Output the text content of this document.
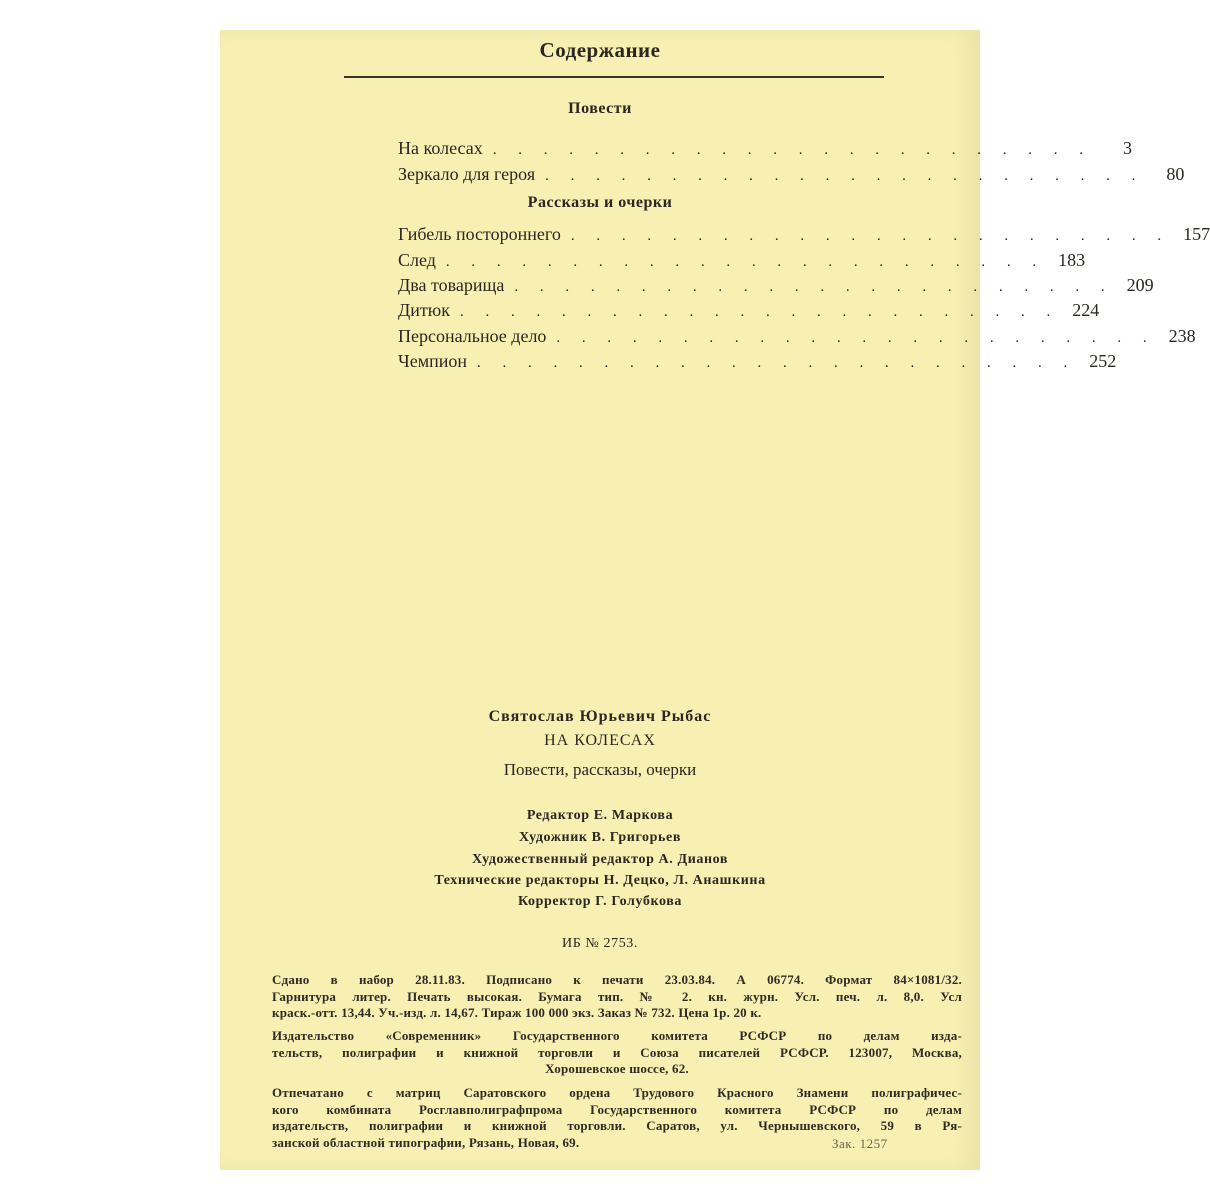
Содержание
Повести
На колесах . . . . . . . . . . . . . . . . . . . . . . . .	3
Зеркало для героя . . . . . . . . . . . . . . . . . . . . . . . .	80
Рассказы и очерки
Гибель постороннего . . . . . . . . . . . . . . . . . . . . . . . . 157
След . . . . . . . . . . . . . . . . . . . . . . . . 183
Два товарища . . . . . . . . . . . . . . . . . . . . . . . . 209
Дитюк . . . . . . . . . . . . . . . . . . . . . . . . 224
Персональное дело . . . . . . . . . . . . . . . . . . . . . . . . 238
Чемпион . . . . . . . . . . . . . . . . . . . . . . . . 252
Святослав Юрьевич Рыбас
НА КОЛЕСАХ
Повести, рассказы, очерки
Редактор Е. Маркова
Художник В. Григорьев
Художественный редактор А. Дианов
Технические редакторы Н. Децко, Л. Анашкина
Корректор Г. Голубкова
ИБ № 2753.
Сдано в набор 28.11.83. Подписано к печати 23.03.84. А 06774. Формат 84×1081/32.
Гарнитура литер. Печать высокая. Бумага тип. № 2. кн. журн. Усл. печ. л. 8,0. Усл
краск.-отт. 13,44. Уч.-изд. л. 14,67. Тираж 100 000 экз. Заказ № 732. Цена 1р. 20 к.
Издательство «Современник» Государственного комитета РСФСР по делам изда-
тельств, полиграфии и книжной торговли и Союза писателей РСФСР. 123007, Москва,
Хорошевское шоссе, 62.
Отпечатано с матриц Саратовского ордена Трудового Красного Знамени полиграфичес-
кого комбината Росглавполиграфпрома Государственного комитета РСФСР по делам
издательств, полиграфии и книжной торговли. Саратов, ул. Чернышевского, 59 в Ря-
занской областной типографии, Рязань, Новая, 69.	Зак. 1257
